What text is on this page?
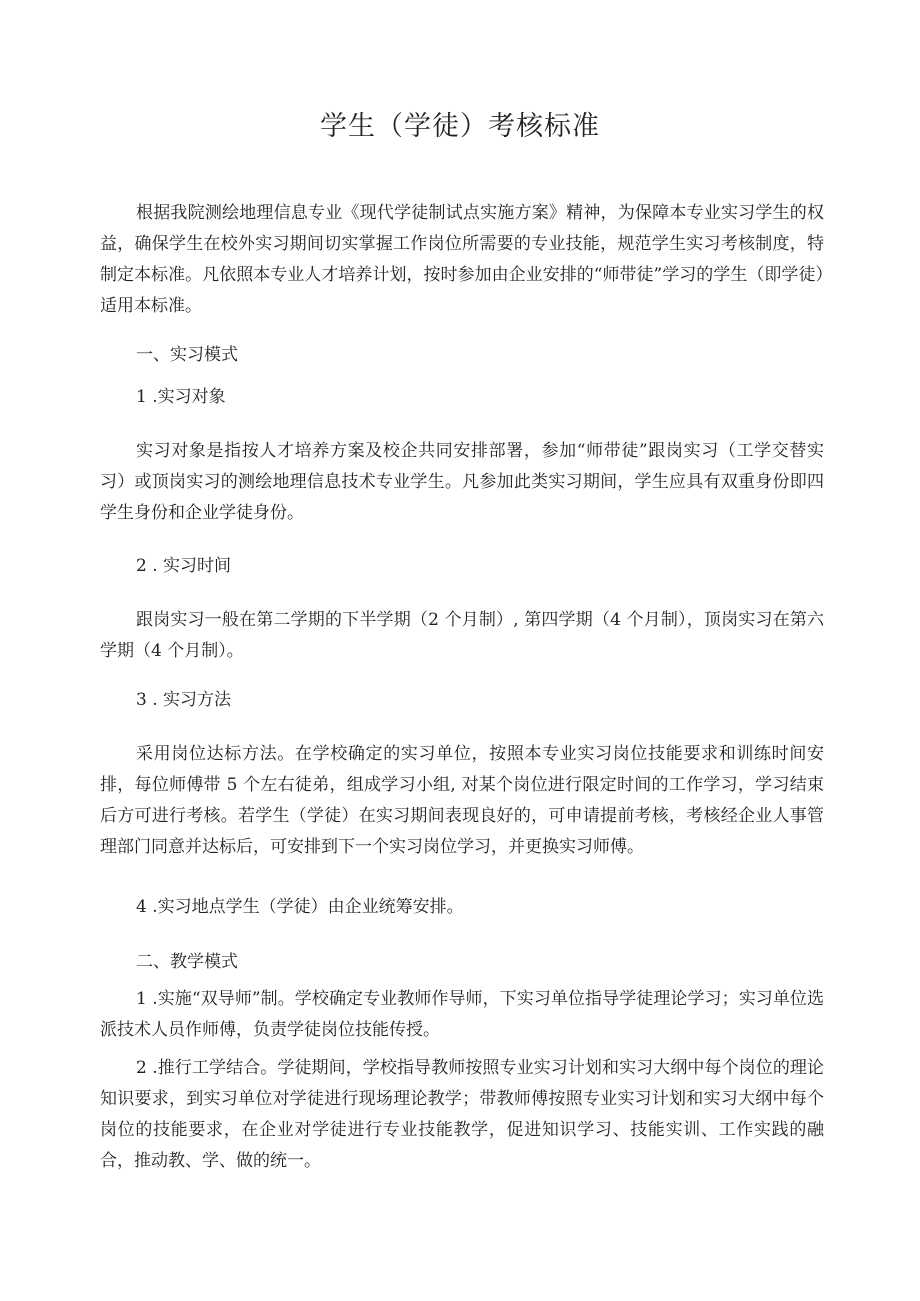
学生（学徒）考核标准

根据我院测绘地理信息专业《现代学徒制试点实施方案》精神，为保障本专业实习学生的权益，确保学生在校外实习期间切实掌握工作岗位所需要的专业技能，规范学生实习考核制度，特制定本标准。凡依照本专业人才培养计划，按时参加由企业安排的“师带徒”学习的学生（即学徒）适用本标准。

一、实习模式

1 .实习对象

实习对象是指按人才培养方案及校企共同安排部署，参加“师带徒”跟岗实习（工学交替实习）或顶岗实习的测绘地理信息技术专业学生。凡参加此类实习期间，学生应具有双重身份即四学生身份和企业学徒身份。

2 . 实习时间

跟岗实习一般在第二学期的下半学期（2 个月制）, 第四学期（4 个月制），顶岗实习在第六学期（4 个月制）。

3 . 实习方法

采用岗位达标方法。在学校确定的实习单位，按照本专业实习岗位技能要求和训练时间安排，每位师傅带 5 个左右徒弟，组成学习小组, 对某个岗位进行限定时间的工作学习，学习结束后方可进行考核。若学生（学徒）在实习期间表现良好的，可申请提前考核，考核经企业人事管理部门同意并达标后，可安排到下一个实习岗位学习，并更换实习师傅。

4 .实习地点学生（学徒）由企业统筹安排。

二、教学模式

1 .实施“双导师”制。学校确定专业教师作导师，下实习单位指导学徒理论学习；实习单位选派技术人员作师傅，负责学徒岗位技能传授。

2 .推行工学结合。学徒期间，学校指导教师按照专业实习计划和实习大纲中每个岗位的理论知识要求，到实习单位对学徒进行现场理论教学；带教师傅按照专业实习计划和实习大纲中每个岗位的技能要求，在企业对学徒进行专业技能教学，促进知识学习、技能实训、工作实践的融合，推动教、学、做的统一。
